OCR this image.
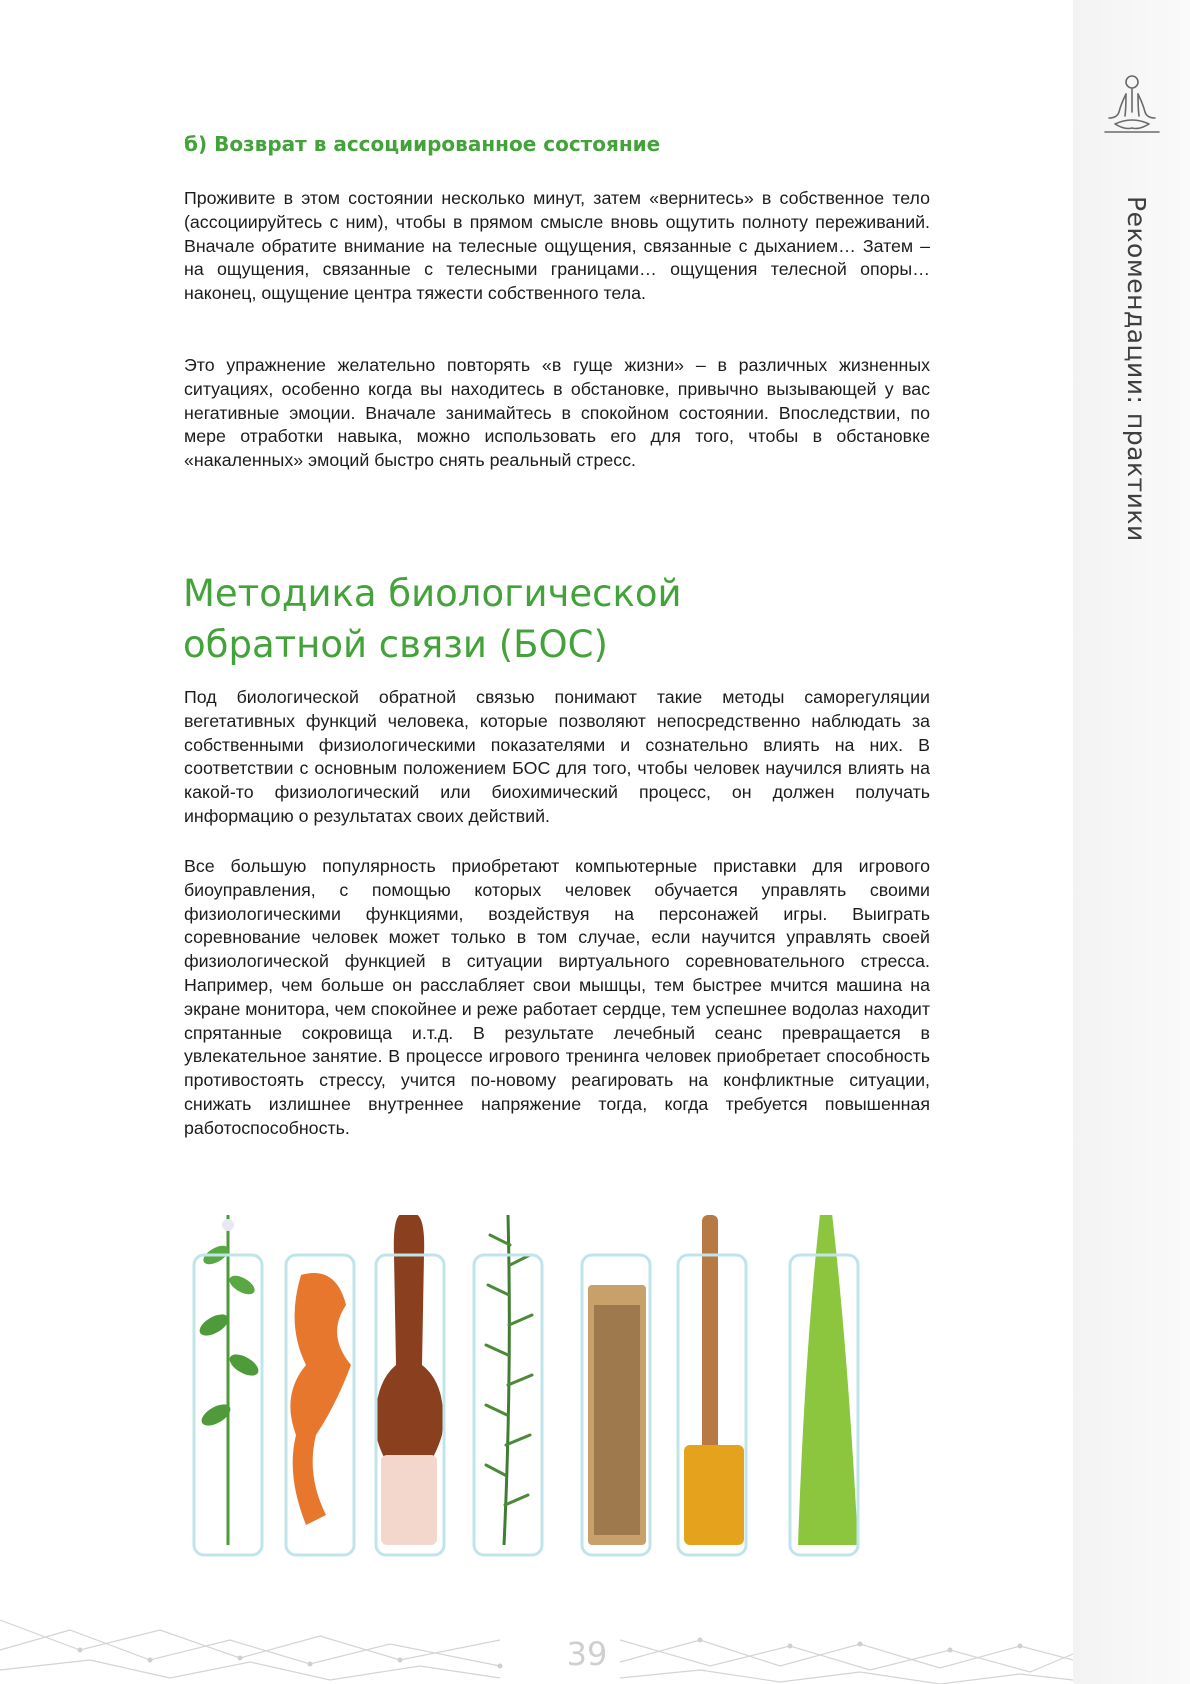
Рекомендации: практики
б) Возврат в ассоциированное состояние

Проживите в этом состоянии несколько минут, затем «вернитесь» в собственное тело (ассоциируйтесь с ним), чтобы в прямом смысле вновь ощутить полноту переживаний. Вначале обратите внимание на телесные ощущения, связанные с дыханием… Затем – на ощущения, связанные с телесными границами… ощущения телесной опоры… наконец, ощущение центра тяжести собственного тела.

Это упражнение желательно повторять «в гуще жизни» – в различных жизненных ситуациях, особенно когда вы находитесь в обстановке, привычно вызывающей у вас негативные эмоции. Вначале занимайтесь в спокойном состоянии. Впоследствии, по мере отработки навыка, можно использовать его для того, чтобы в обстановке «накаленных» эмоций быстро снять реальный стресс.

Методика биологической
обратной связи (БОС)

Под биологической обратной связью понимают такие методы саморегуляции вегетативных функций человека, которые позволяют непосредственно наблюдать за собственными физиологическими показателями и сознательно влиять на них. В соответствии с основным положением БОС для того, чтобы человек научился влиять на какой-то физиологический или биохимический процесс, он должен получать информацию о результатах своих действий.

Все большую популярность приобретают компьютерные приставки для игрового биоуправления, с помощью которых человек обучается управлять своими физиологическими функциями, воздействуя на персонажей игры. Выиграть соревнование человек может только в том случае, если научится управлять своей физиологической функцией в ситуации виртуального соревновательного стресса. Например, чем больше он расслабляет свои мышцы, тем быстрее мчится машина на экране монитора, чем спокойнее и реже работает сердце, тем успешнее водолаз находит спрятанные сокровища и.т.д. В результате лечебный сеанс превращается в увлекательное занятие. В процессе игрового тренинга человек приобретает способность противостоять стрессу, учится по-новому реагировать на конфликтные ситуации, снижать излишнее внутреннее напряжение тогда, когда требуется повышенная работоспособность.

39
